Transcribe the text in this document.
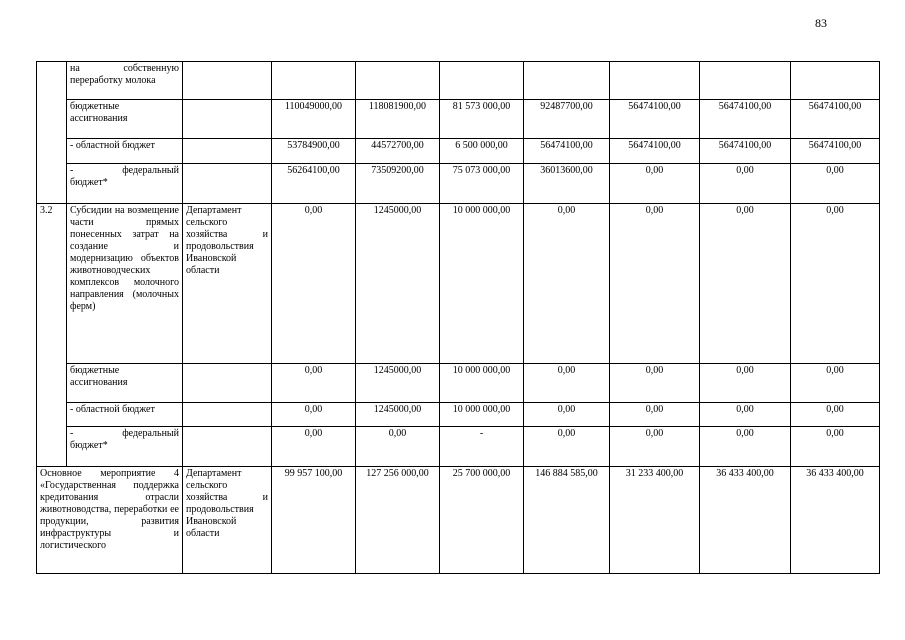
83

	на собственную
переработку молока								

	бюджетные ассигнования		110049000,00	118081900,00	81 573 000,00	92487700,00	56474100,00	56474100,00	56474100,00
	- областной бюджет		53784900,00	44572700,00	6 500 000,00	56474100,00	56474100,00	56474100,00	56474100,00

	- федеральный
бюджет*		56264100,00	73509200,00	75 073 000,00	36013600,00	0,00	0,00	0,00
3.2	Субсидии на возмещение части прямых понесенных затрат на создание и модернизацию объектов животноводческих комплексов молочного направления (молочных ферм)	Департамент сельского хозяйства и продовольствия Ивановской области	0,00	1245000,00	10 000 000,00	0,00	0,00	0,00	0,00
	бюджетные ассигнования		0,00	1245000,00	10 000 000,00	0,00	0,00	0,00	0,00
	- областной бюджет		0,00	1245000,00	10 000 000,00	0,00	0,00	0,00	0,00

	- федеральный
бюджет*		0,00	0,00	-	0,00	0,00	0,00	0,00
Основное мероприятие 4 «Государственная поддержка кредитования отрасли животноводства, переработки ее продукции, развития инфраструктуры и логистического		Департамент сельского хозяйства и продовольствия Ивановской области	99 957 100,00	127 256 000,00	25 700 000,00	146 884 585,00	31 233 400,00	36 433 400,00	36 433 400,00
